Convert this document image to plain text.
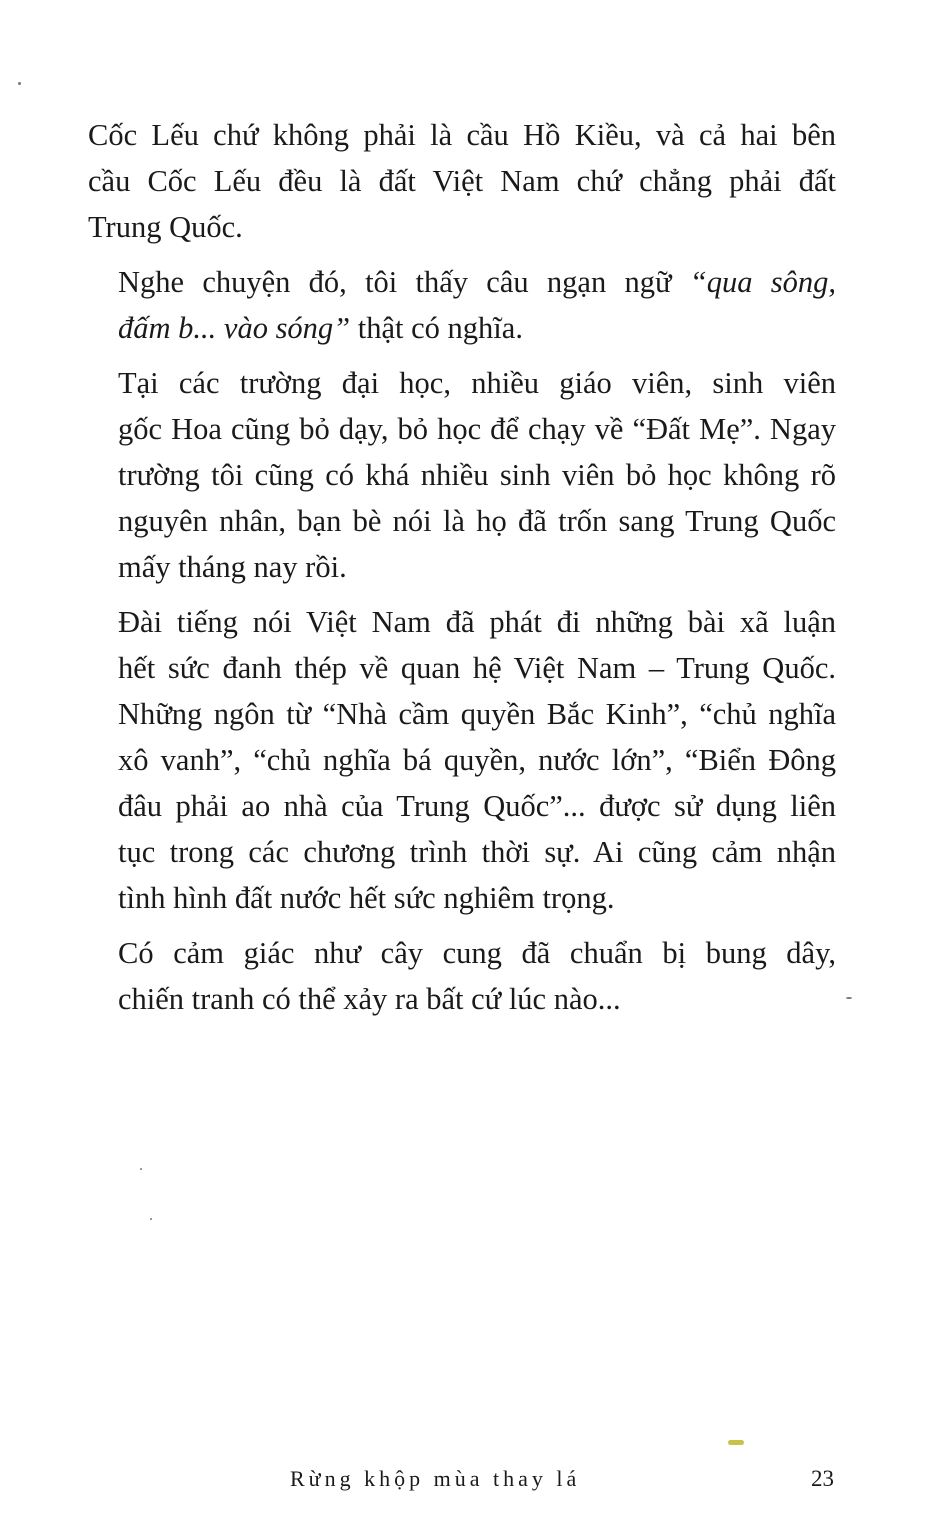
Cốc Lếu chứ không phải là cầu Hồ Kiều, và cả hai bên
cầu Cốc Lếu đều là đất Việt Nam chứ chẳng phải đất
Trung Quốc.

Nghe chuyện đó, tôi thấy câu ngạn ngữ “qua sông,
đấm b... vào sóng” thật có nghĩa.

Tại các trường đại học, nhiều giáo viên, sinh viên
gốc Hoa cũng bỏ dạy, bỏ học để chạy về “Đất Mẹ”. Ngay
trường tôi cũng có khá nhiều sinh viên bỏ học không rõ
nguyên nhân, bạn bè nói là họ đã trốn sang Trung Quốc
mấy tháng nay rồi.

Đài tiếng nói Việt Nam đã phát đi những bài xã luận
hết sức đanh thép về quan hệ Việt Nam – Trung Quốc.
Những ngôn từ “Nhà cầm quyền Bắc Kinh”, “chủ nghĩa
xô vanh”, “chủ nghĩa bá quyền, nước lớn”, “Biển Đông
đâu phải ao nhà của Trung Quốc”... được sử dụng liên
tục trong các chương trình thời sự. Ai cũng cảm nhận
tình hình đất nước hết sức nghiêm trọng.

Có cảm giác như cây cung đã chuẩn bị bung dây,
chiến tranh có thể xảy ra bất cứ lúc nào...

Rừng khộp mùa thay lá	23
